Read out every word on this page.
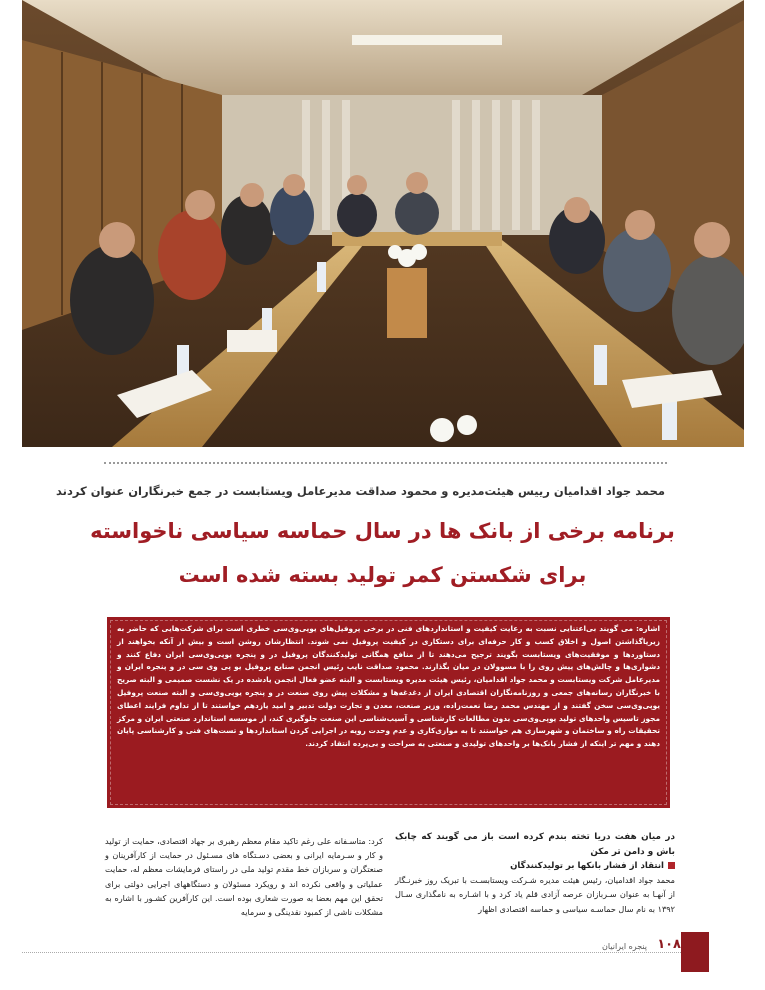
محمد جواد اقدامیان رییس هیئت‌مدیره و محمود صداقت مدیرعامل ویستابست در جمع خبرنگاران عنوان کردند
برنامه برخی از بانک ها در سال حماسه سیاسی ناخواسته
برای شکستن کمر تولید بسته شده است
اشاره: می گویند بی‌اعتنایی نسبت به رعایت کیفیت و استانداردهای فنی در برخی پروفیل‌های یوپی‌وی‌سی خطری است برای شرکت‌هایی که حاضر به زیرپاگذاشتن اصول و اخلاق کسب و کار حرفه‌ای برای دستکاری در کیفیت پروفیل نمی شوند. انتظارشان روشن است و بیش از آنکه بخواهند از دستاوردها و موفقیت‌های ویستابست بگویند ترجیح می‌دهند تا از منافع همگانی تولیدکنندگان پروفیل در و پنجره یوپی‌وی‌سی ایران دفاع کنند و دشواری‌ها و چالش‌های پیش روی را با مسوولان در میان بگذارند. محمود صداقت نایب رئیس انجمن صنایع پروفیل یو پی وی سی در و پنجره ایران و مدیرعامل شرکت ویستابست و محمد جواد اقدامیان، رئیس هیئت مدیره ویستابست و البته عضو فعال انجمن یادشده در یک نشست صمیمی و البته صریح با خبرنگاران رسانه‌های جمعی و روزنامه‌نگاران اقتصادی ایران از دغدغه‌ها و مشکلات پیش روی صنعت در و پنجره یوپی‌وی‌سی و البته صنعت پروفیل یوپی‌وی‌سی سخن گفتند و از مهندس محمد رضا نعمت‌زاده، وزیر صنعت، معدن و تجارت دولت تدبیر و امید یازدهم خواستند تا از تداوم فرایند اعطای مجوز تاسیس واحدهای تولید یوپی‌وی‌سی بدون مطالعات کارشناسی و آسیب‌شناسی این صنعت جلوگیری کند، از موسسه استاندارد صنعتی ایران و مرکز تحقیقات راه و ساختمان و شهرسازی هم خواستند تا به موازی‌کاری و عدم وحدت رویه در اجرایی کردن استانداردها و تست‌های فنی و کارشناسی پایان دهند و مهم تر اینکه از فشار بانک‌ها بر واحدهای تولیدی و صنعتی به صراحت و بی‌پرده انتقاد کردند.
در میان هفت دریا تخته بندم کرده است باز می گویند که چابک باش و دامن تر مکن
انتقاد از فشار بانکها بر تولیدکنندگان
محمد جواد اقدامیان، رئیس هیئت مدیره شـرکت ویستابسـت با تبریک روز خبرنـگار از آنهـا به عنوان سـربازان عرصه آزادی قلم یاد کرد و با اشـاره به نامگذاری سـال ۱۳۹۲ به نام سال حماسـه سیاسی و حماسه اقتصادی اظهار
کرد: متاسـفانه علی رغم تاکید مقام معظم رهبری بر جهاد اقتصادی، حمایت از تولید و کار و سـرمایه ایرانی و بعضی دسـتگاه های مسـئول در حمایت از کارآفرینان و صنعتگران و سربازان خط مقدم تولید ملی در راستای فرمایشات معظم له، حمایت عملیاتی و واقعی نکرده اند و رویکرد مسئولان و دستگاههای اجرایی دولتی برای تحقق این مهم بعضا به صورت شعاری بوده است. این کارآفرین کشـور با اشاره به مشکلات ناشی از کمبود نقدینگی و سرمایه
۱۰۸
پنجره ایرانیان
